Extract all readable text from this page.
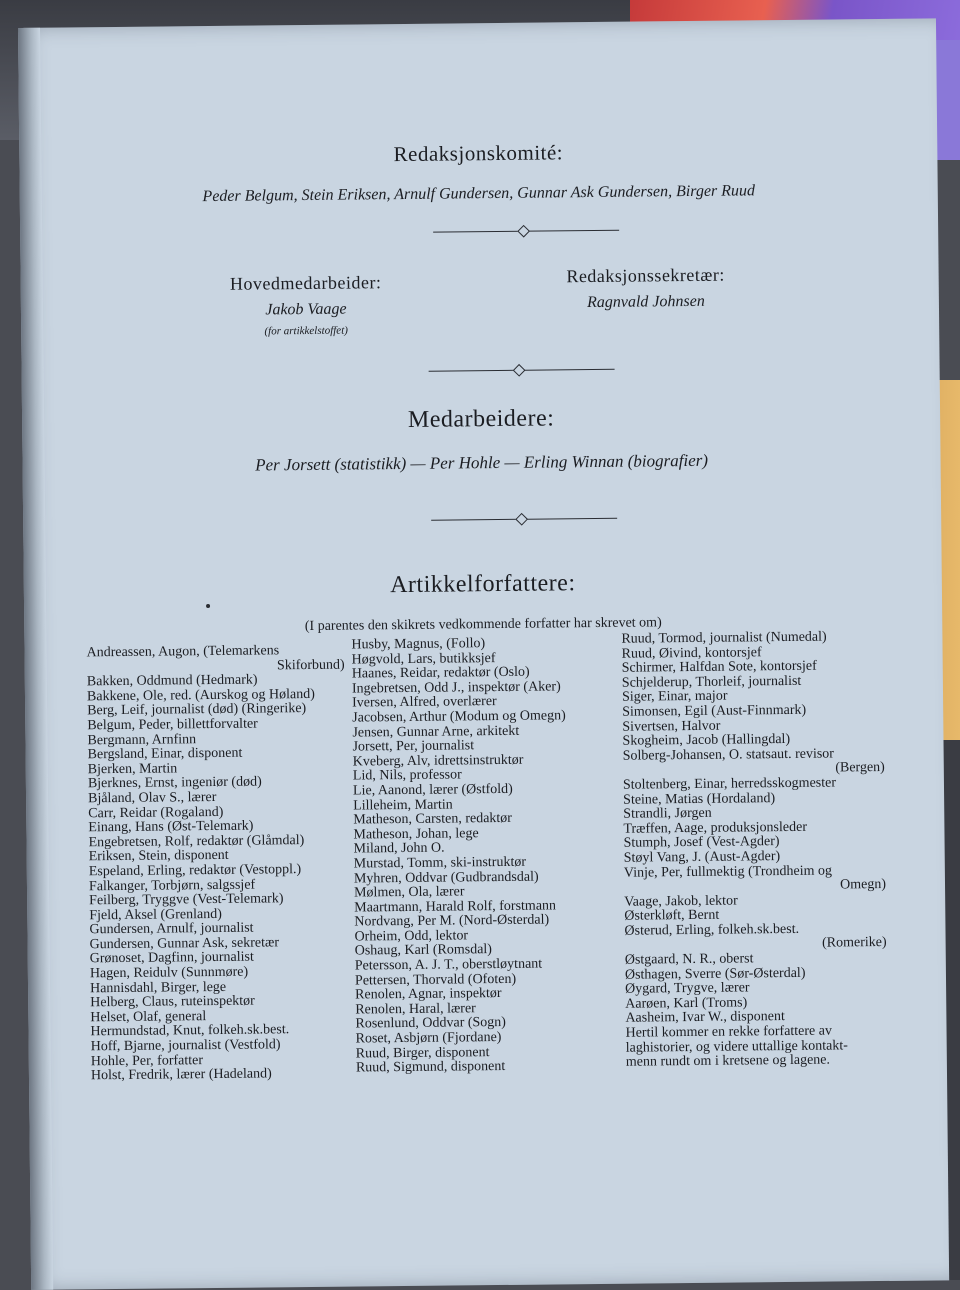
Redaksjonskomité:
Peder Belgum, Stein Eriksen, Arnulf Gundersen, Gunnar Ask Gundersen, Birger Ruud
Hovedmedarbeider:
Jakob Vaage
(for artikkelstoffet)
Redaksjonssekretær:
Ragnvald Johnsen
Medarbeidere:
Per Jorsett (statistikk) — Per Hohle — Erling Winnan (biografier)
Artikkelforfattere:
(I parentes den skikrets vedkommende forfatter har skrevet om)
Andreassen, Augon, (Telemarkens
Skiforbund)
Bakken, Oddmund (Hedmark)
Bakkene, Ole, red. (Aurskog og Høland)
Berg, Leif, journalist (død) (Ringerike)
Belgum, Peder, billettforvalter
Bergmann, Arnfinn
Bergsland, Einar, disponent
Bjerken, Martin
Bjerknes, Ernst, ingeniør (død)
Bjåland, Olav S., lærer
Carr, Reidar (Rogaland)
Einang, Hans (Øst-Telemark)
Engebretsen, Rolf, redaktør (Glåmdal)
Eriksen, Stein, disponent
Espeland, Erling, redaktør (Vestoppl.)
Falkanger, Torbjørn, salgssjef
Feilberg, Tryggve (Vest-Telemark)
Fjeld, Aksel (Grenland)
Gundersen, Arnulf, journalist
Gundersen, Gunnar Ask, sekretær
Grønoset, Dagfinn, journalist
Hagen, Reidulv (Sunnmøre)
Hannisdahl, Birger, lege
Helberg, Claus, ruteinspektør
Helset, Olaf, general
Hermundstad, Knut, folkeh.sk.best.
Hoff, Bjarne, journalist (Vestfold)
Hohle, Per, forfatter
Holst, Fredrik, lærer (Hadeland)
Husby, Magnus, (Follo)
Høgvold, Lars, butikksjef
Haanes, Reidar, redaktør (Oslo)
Ingebretsen, Odd J., inspektør (Aker)
Iversen, Alfred, overlærer
Jacobsen, Arthur (Modum og Omegn)
Jensen, Gunnar Arne, arkitekt
Jorsett, Per, journalist
Kveberg, Alv, idrettsinstruktør
Lid, Nils, professor
Lie, Aanond, lærer (Østfold)
Lilleheim, Martin
Matheson, Carsten, redaktør
Matheson, Johan, lege
Miland, John O.
Murstad, Tomm, ski-instruktør
Myhren, Oddvar (Gudbrandsdal)
Mølmen, Ola, lærer
Maartmann, Harald Rolf, forstmann
Nordvang, Per M. (Nord-Østerdal)
Orheim, Odd, lektor
Oshaug, Karl (Romsdal)
Petersson, A. J. T., oberstløytnant
Pettersen, Thorvald (Ofoten)
Renolen, Agnar, inspektør
Renolen, Haral, lærer
Rosenlund, Oddvar (Sogn)
Roset, Asbjørn (Fjordane)
Ruud, Birger, disponent
Ruud, Sigmund, disponent
Ruud, Tormod, journalist (Numedal)
Ruud, Øivind, kontorsjef
Schirmer, Halfdan Sote, kontorsjef
Schjelderup, Thorleif, journalist
Siger, Einar, major
Simonsen, Egil (Aust-Finnmark)
Sivertsen, Halvor
Skogheim, Jacob (Hallingdal)
Solberg-Johansen, O. statsaut. revisor
(Bergen)
Stoltenberg, Einar, herredsskogmester
Steine, Matias (Hordaland)
Strandli, Jørgen
Træffen, Aage, produksjonsleder
Stumph, Josef (Vest-Agder)
Støyl Vang, J. (Aust-Agder)
Vinje, Per, fullmektig (Trondheim og
Omegn)
Vaage, Jakob, lektor
Østerkløft, Bernt
Østerud, Erling, folkeh.sk.best.
(Romerike)
Østgaard, N. R., oberst
Østhagen, Sverre (Sør-Østerdal)
Øygard, Trygve, lærer
Aarøen, Karl (Troms)
Aasheim, Ivar W., disponent
Hertil kommer en rekke forfattere av
laghistorier, og videre uttallige kontakt-
menn rundt om i kretsene og lagene.
